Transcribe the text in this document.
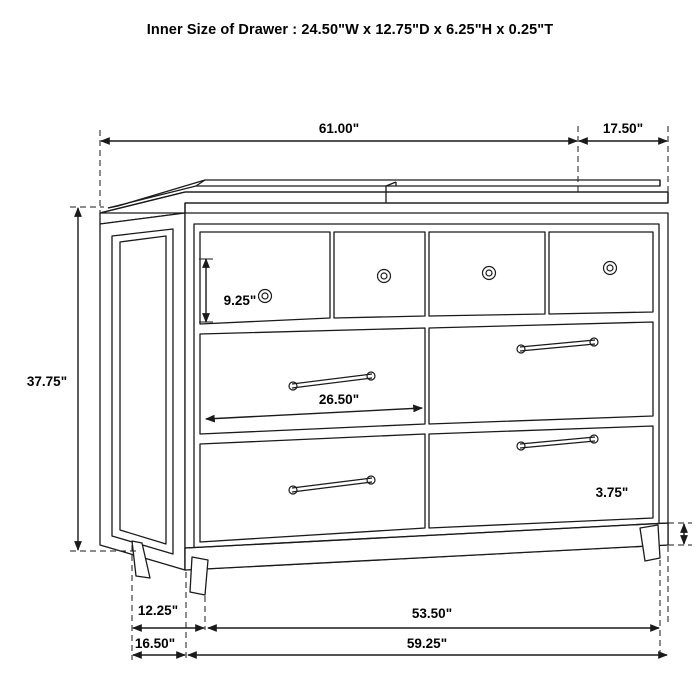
Inner Size of Drawer : 24.50"W x 12.75"D x 6.25"H x 0.25"T
61.00"	17.50"
37.75"
9.25"
26.50"
3.75"
12.25"	53.50"
16.50"	59.25"
